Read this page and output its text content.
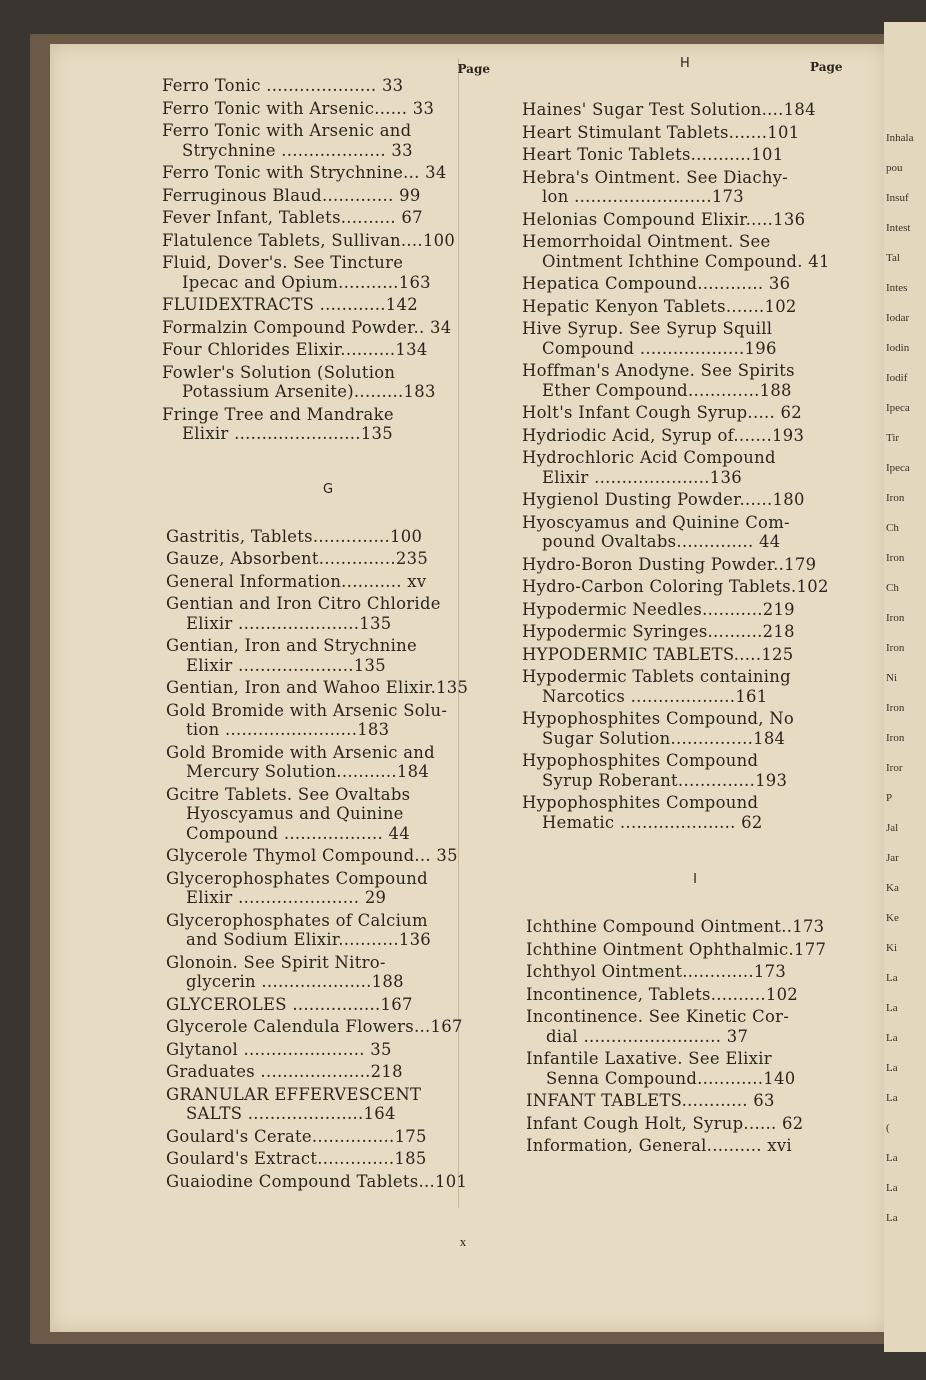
Inhala
pou
Insuf
Intest
Tal
Intes
Iodar
Iodin
Iodif
Ipeca
Tir
Ipeca
Iron
Ch
Iron
Ch
Iron
Iron
Ni
Iron
Iron
Iror
P
Jal
Jar
Ka
Ke
Ki
La
La
La
La
La
(
La
La
La
Page
Ferro Tonic .................... 33
Ferro Tonic with Arsenic...... 33
Ferro Tonic with Arsenic and
Strychnine ................... 33
Ferro Tonic with Strychnine... 34
Ferruginous Blaud............. 99
Fever Infant, Tablets.......... 67
Flatulence Tablets, Sullivan....100
Fluid, Dover's. See Tincture
Ipecac and Opium...........163
FLUIDEXTRACTS ............142
Formalzin Compound Powder.. 34
Four Chlorides Elixir..........134
Fowler's Solution (Solution
Potassium Arsenite).........183
Fringe Tree and Mandrake
Elixir .......................135
G
Gastritis, Tablets..............100
Gauze, Absorbent..............235
General Information........... xv
Gentian and Iron Citro Chloride
Elixir ......................135
Gentian, Iron and Strychnine
Elixir .....................135
Gentian, Iron and Wahoo Elixir.135
Gold Bromide with Arsenic Solu-
tion ........................183
Gold Bromide with Arsenic and
Mercury Solution...........184
Gcitre Tablets. See Ovaltabs
Hyoscyamus and Quinine
Compound .................. 44
Glycerole Thymol Compound... 35
Glycerophosphates Compound
Elixir ...................... 29
Glycerophosphates of Calcium
and Sodium Elixir...........136
Glonoin. See Spirit Nitro-
glycerin ....................188
GLYCEROLES ................167
Glycerole Calendula Flowers...167
Glytanol ...................... 35
Graduates ....................218
GRANULAR EFFERVESCENT
SALTS .....................164
Goulard's Cerate...............175
Goulard's Extract..............185
Guaiodine Compound Tablets...101
H	Page
Haines' Sugar Test Solution....184
Heart Stimulant Tablets.......101
Heart Tonic Tablets...........101
Hebra's Ointment. See Diachy-
lon .........................173
Helonias Compound Elixir.....136
Hemorrhoidal Ointment. See
Ointment Ichthine Compound. 41
Hepatica Compound............ 36
Hepatic Kenyon Tablets.......102
Hive Syrup. See Syrup Squill
Compound ...................196
Hoffman's Anodyne. See Spirits
Ether Compound.............188
Holt's Infant Cough Syrup..... 62
Hydriodic Acid, Syrup of.......193
Hydrochloric Acid Compound
Elixir .....................136
Hygienol Dusting Powder......180
Hyoscyamus and Quinine Com-
pound Ovaltabs.............. 44
Hydro-Boron Dusting Powder..179
Hydro-Carbon Coloring Tablets.102
Hypodermic Needles...........219
Hypodermic Syringes..........218
HYPODERMIC TABLETS.....125
Hypodermic Tablets containing
Narcotics ...................161
Hypophosphites Compound, No
Sugar Solution...............184
Hypophosphites Compound
Syrup Roberant..............193
Hypophosphites Compound
Hematic ..................... 62
I
Ichthine Compound Ointment..173
Ichthine Ointment Ophthalmic.177
Ichthyol Ointment.............173
Incontinence, Tablets..........102
Incontinence. See Kinetic Cor-
dial ......................... 37
Infantile Laxative. See Elixir
Senna Compound............140
INFANT TABLETS............ 63
Infant Cough Holt, Syrup...... 62
Information, General.......... xvi
x
